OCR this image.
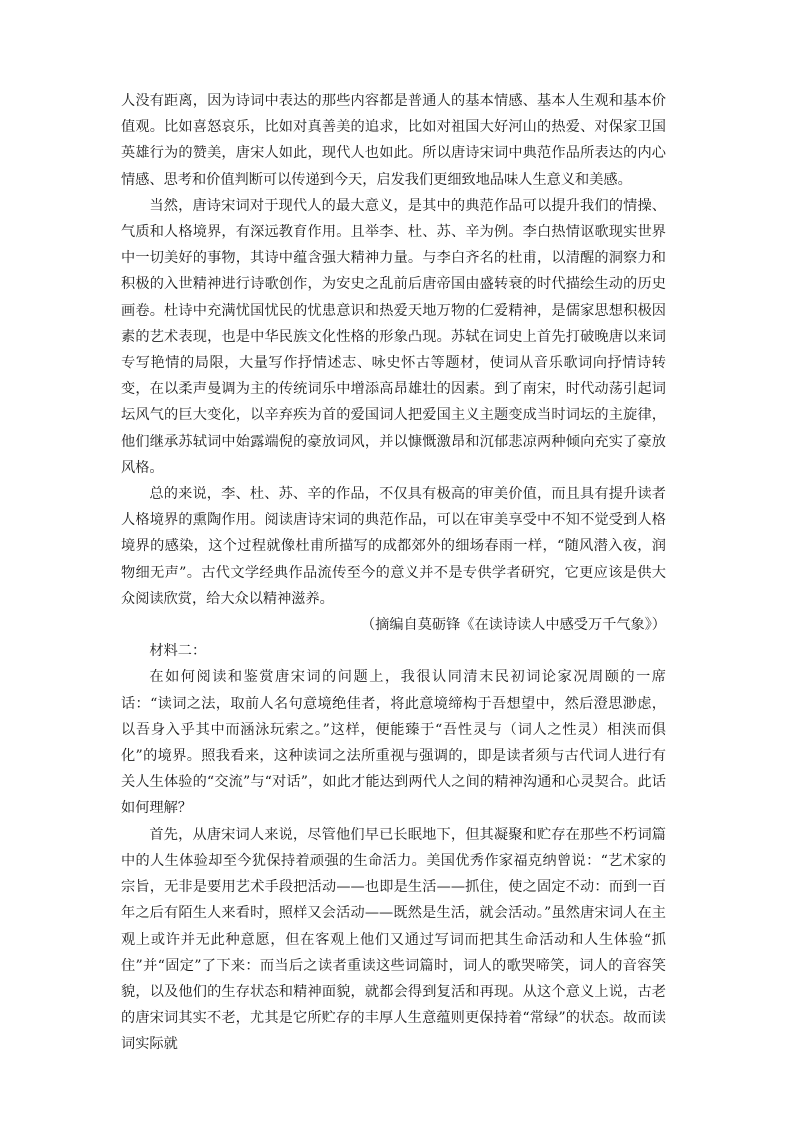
人没有距离，因为诗词中表达的那些内容都是普通人的基本情感、基本人生观和基本价值观。比如喜怒哀乐，比如对真善美的追求，比如对祖国大好河山的热爱、对保家卫国英雄行为的赞美，唐宋人如此，现代人也如此。所以唐诗宋词中典范作品所表达的内心情感、思考和价值判断可以传递到今天，启发我们更细致地品味人生意义和美感。

当然，唐诗宋词对于现代人的最大意义，是其中的典范作品可以提升我们的情操、气质和人格境界，有深远教育作用。且举李、杜、苏、辛为例。李白热情讴歌现实世界中一切美好的事物，其诗中蕴含强大精神力量。与李白齐名的杜甫，以清醒的洞察力和积极的入世精神进行诗歌创作，为安史之乱前后唐帝国由盛转衰的时代描绘生动的历史画卷。杜诗中充满忧国忧民的忧患意识和热爱天地万物的仁爱精神，是儒家思想积极因素的艺术表现，也是中华民族文化性格的形象凸现。苏轼在词史上首先打破晚唐以来词专写艳情的局限，大量写作抒情述志、咏史怀古等题材，使词从音乐歌词向抒情诗转变，在以柔声曼调为主的传统词乐中增添高昂雄壮的因素。到了南宋，时代动荡引起词坛风气的巨大变化，以辛弃疾为首的爱国词人把爱国主义主题变成当时词坛的主旋律，他们继承苏轼词中始露端倪的豪放词风，并以慷慨激昂和沉郁悲凉两种倾向充实了豪放风格。

总的来说，李、杜、苏、辛的作品，不仅具有极高的审美价值，而且具有提升读者人格境界的熏陶作用。阅读唐诗宋词的典范作品，可以在审美享受中不知不觉受到人格境界的感染，这个过程就像杜甫所描写的成都郊外的细场春雨一样，“随风潜入夜，润物细无声”。古代文学经典作品流传至今的意义并不是专供学者研究，它更应该是供大众阅读欣赏，给大众以精神滋养。

（摘编自莫砺锋《在读诗读人中感受万千气象》）

材料二：

在如何阅读和鉴赏唐宋词的问题上，我很认同清末民初词论家况周颐的一席话：“读词之法，取前人名句意境绝佳者，将此意境缔构于吾想望中，然后澄思渺虑，以吾身入乎其中而涵泳玩索之。”这样，便能臻于“吾性灵与（词人之性灵）相浃而俱化”的境界。照我看来，这种读词之法所重视与强调的，即是读者须与古代词人进行有关人生体验的“交流”与“对话”，如此才能达到两代人之间的精神沟通和心灵契合。此话如何理解？

首先，从唐宋词人来说，尽管他们早已长眠地下，但其凝聚和贮存在那些不朽词篇中的人生体验却至今犹保持着顽强的生命活力。美国优秀作家福克纳曾说：“艺术家的宗旨，无非是要用艺术手段把活动——也即是生活——抓住，使之固定不动：而到一百年之后有陌生人来看时，照样又会活动——既然是生活，就会活动。”虽然唐宋词人在主观上或许并无此种意愿，但在客观上他们又通过写词而把其生命活动和人生体验“抓住”并“固定”了下来：而当后之读者重读这些词篇时，词人的歌哭啼笑，词人的音容笑貌，以及他们的生存状态和精神面貌，就都会得到复活和再现。从这个意义上说，古老的唐宋词其实不老，尤其是它所贮存的丰厚人生意蕴则更保持着“常绿”的状态。故而读词实际就
